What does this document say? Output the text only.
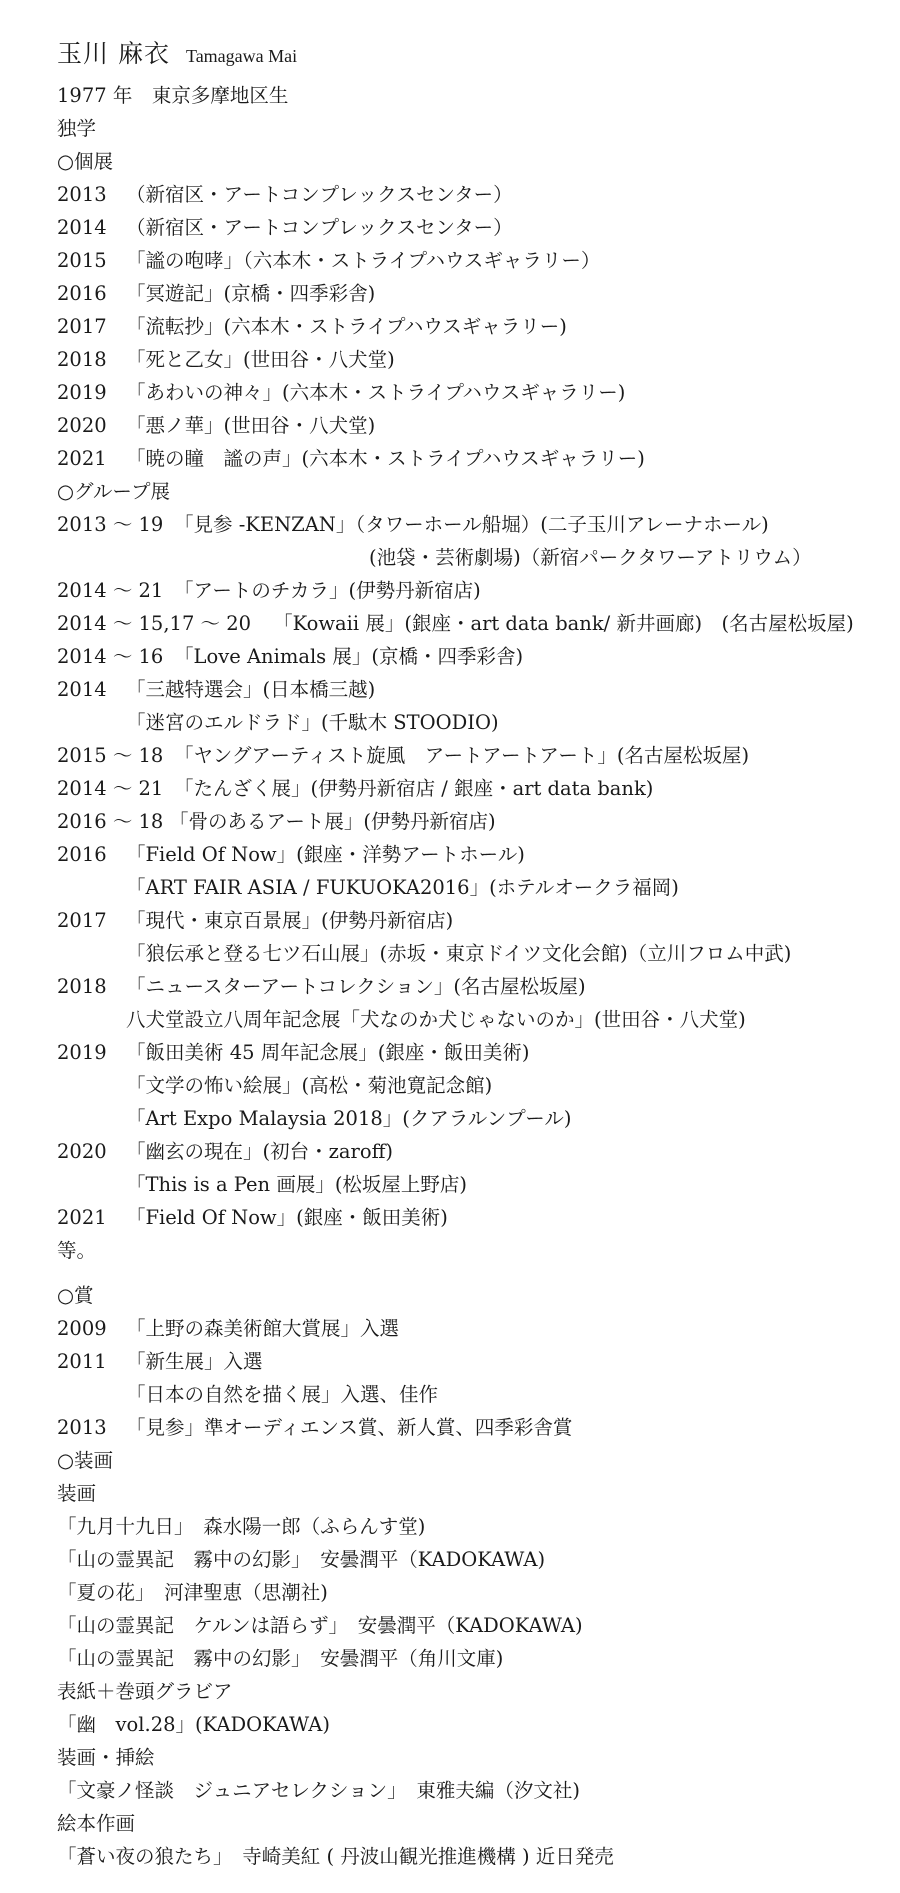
玉川 麻衣 Tamagawa Mai
1977 年　東京多摩地区生
独学
○個展
2013 （新宿区・アートコンプレックスセンター）
2014 （新宿区・アートコンプレックスセンター）
2015 「謐の咆哮」（六本木・ストライプハウスギャラリー）
2016 「冥遊記」(京橋・四季彩舎)
2017 「流転抄」(六本木・ストライプハウスギャラリー)
2018 「死と乙女」(世田谷・八犬堂)
2019 「あわいの神々」(六本木・ストライプハウスギャラリー)
2020 「悪ノ華」(世田谷・八犬堂)
2021 「暁の瞳　謐の声」(六本木・ストライプハウスギャラリー)
○グループ展
2013 〜 19 「見参 -KENZAN」（タワーホール船堀）(二子玉川アレーナホール)
(池袋・芸術劇場)（新宿パークタワーアトリウム）
2014 〜 21 「アートのチカラ」(伊勢丹新宿店)
2014 〜 15,17 〜 20 「Kowaii 展」(銀座・art data bank/ 新井画廊)　(名古屋松坂屋)
2014 〜 16 「Love Animals 展」(京橋・四季彩舎)
2014 「三越特選会」(日本橋三越)
「迷宮のエルドラド」(千駄木 STOODIO)
2015 〜 18 「ヤングアーティスト旋風　アートアートアート」(名古屋松坂屋)
2014 〜 21 「たんざく展」(伊勢丹新宿店 / 銀座・art data bank)
2016 〜 18 「骨のあるアート展」(伊勢丹新宿店)
2016 「Field Of Now」(銀座・洋勢アートホール)
「ART FAIR ASIA / FUKUOKA2016」(ホテルオークラ福岡)
2017 「現代・東京百景展」(伊勢丹新宿店)
「狼伝承と登る七ツ石山展」(赤坂・東京ドイツ文化会館)（立川フロム中武)
2018 「ニュースターアートコレクション」(名古屋松坂屋)
八犬堂設立八周年記念展「犬なのか犬じゃないのか」(世田谷・八犬堂)
2019 「飯田美術 45 周年記念展」(銀座・飯田美術)
「文学の怖い絵展」(高松・菊池寛記念館)
「Art Expo Malaysia 2018」(クアラルンプール)
2020 「幽玄の現在」(初台・zaroff)
「This is a Pen 画展」(松坂屋上野店)
2021 「Field Of Now」(銀座・飯田美術)
等。
○賞
2009 「上野の森美術館大賞展」入選
2011 「新生展」入選
「日本の自然を描く展」入選、佳作
2013 「見参」準オーディエンス賞、新人賞、四季彩舎賞
○装画
装画
「九月十九日」　森水陽一郎（ふらんす堂)
「山の霊異記　霧中の幻影」　安曇潤平（KADOKAWA)
「夏の花」　河津聖恵（思潮社)
「山の霊異記　ケルンは語らず」　安曇潤平（KADOKAWA)
「山の霊異記　霧中の幻影」　安曇潤平（角川文庫)
表紙＋巻頭グラビア
「幽　vol.28」(KADOKAWA)
装画・挿絵
「文豪ノ怪談　ジュニアセレクション」　東雅夫編（汐文社)
絵本作画
「蒼い夜の狼たち」　寺崎美紅 ( 丹波山観光推進機構 ) 近日発売
